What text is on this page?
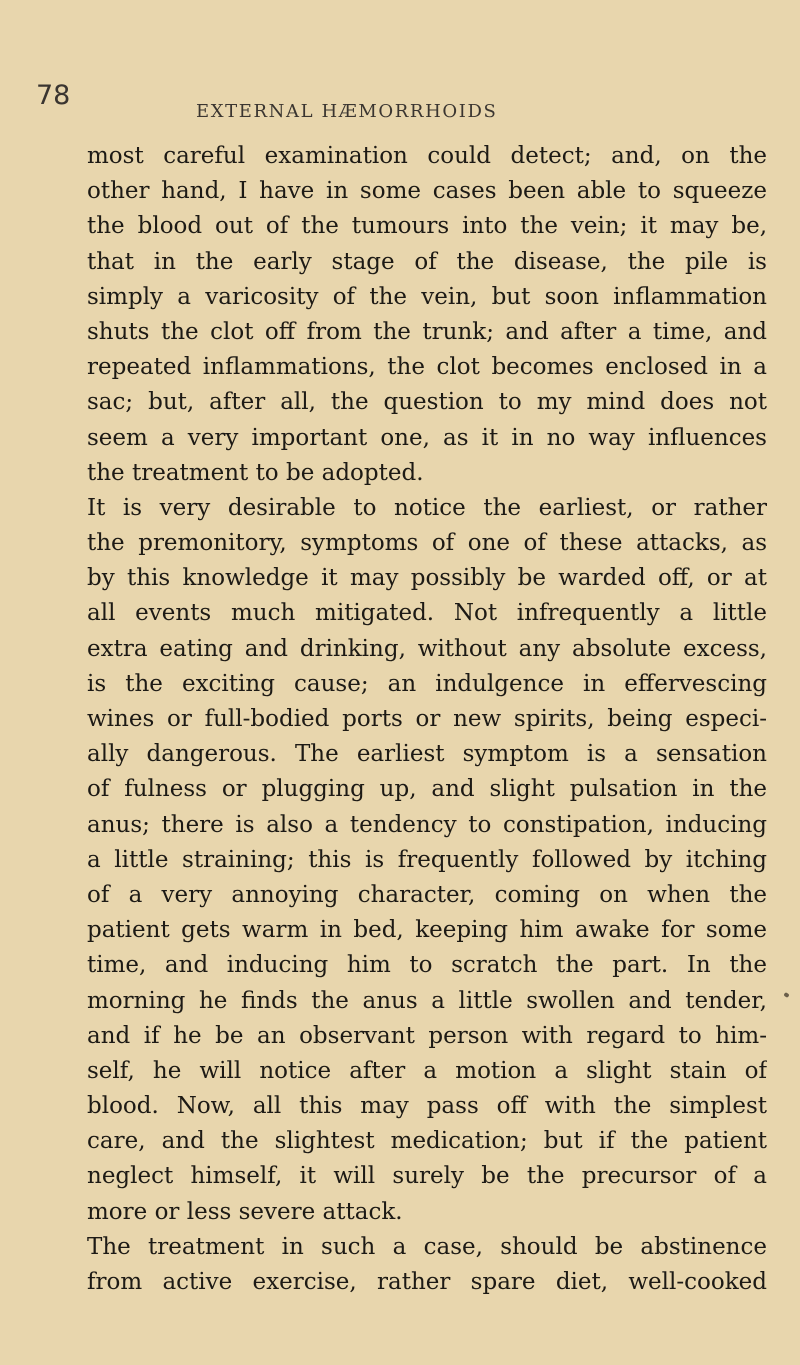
78
EXTERNAL HÆMORRHOIDS
most careful examination could detect; and, on the
other hand, I have in some cases been able to squeeze
the blood out of the tumours into the vein; it may be,
that in the early stage of the disease, the pile is
simply a varicosity of the vein, but soon inflammation
shuts the clot off from the trunk; and after a time, and
repeated inflammations, the clot becomes enclosed in a
sac; but, after all, the question to my mind does not
seem a very important one, as it in no way influences
the treatment to be adopted.
It is very desirable to notice the earliest, or rather
the premonitory, symptoms of one of these attacks, as
by this knowledge it may possibly be warded off, or at
all events much mitigated. Not infrequently a little
extra eating and drinking, without any absolute excess,
is the exciting cause; an indulgence in effervescing
wines or full-bodied ports or new spirits, being especi-
ally dangerous. The earliest symptom is a sensation
of fulness or plugging up, and slight pulsation in the
anus; there is also a tendency to constipation, inducing
a little straining; this is frequently followed by itching
of a very annoying character, coming on when the
patient gets warm in bed, keeping him awake for some
time, and inducing him to scratch the part. In the
morning he finds the anus a little swollen and tender,
and if he be an observant person with regard to him-
self, he will notice after a motion a slight stain of
blood. Now, all this may pass off with the simplest
care, and the slightest medication; but if the patient
neglect himself, it will surely be the precursor of a
more or less severe attack.
The treatment in such a case, should be abstinence
from active exercise, rather spare diet, well-cooked
